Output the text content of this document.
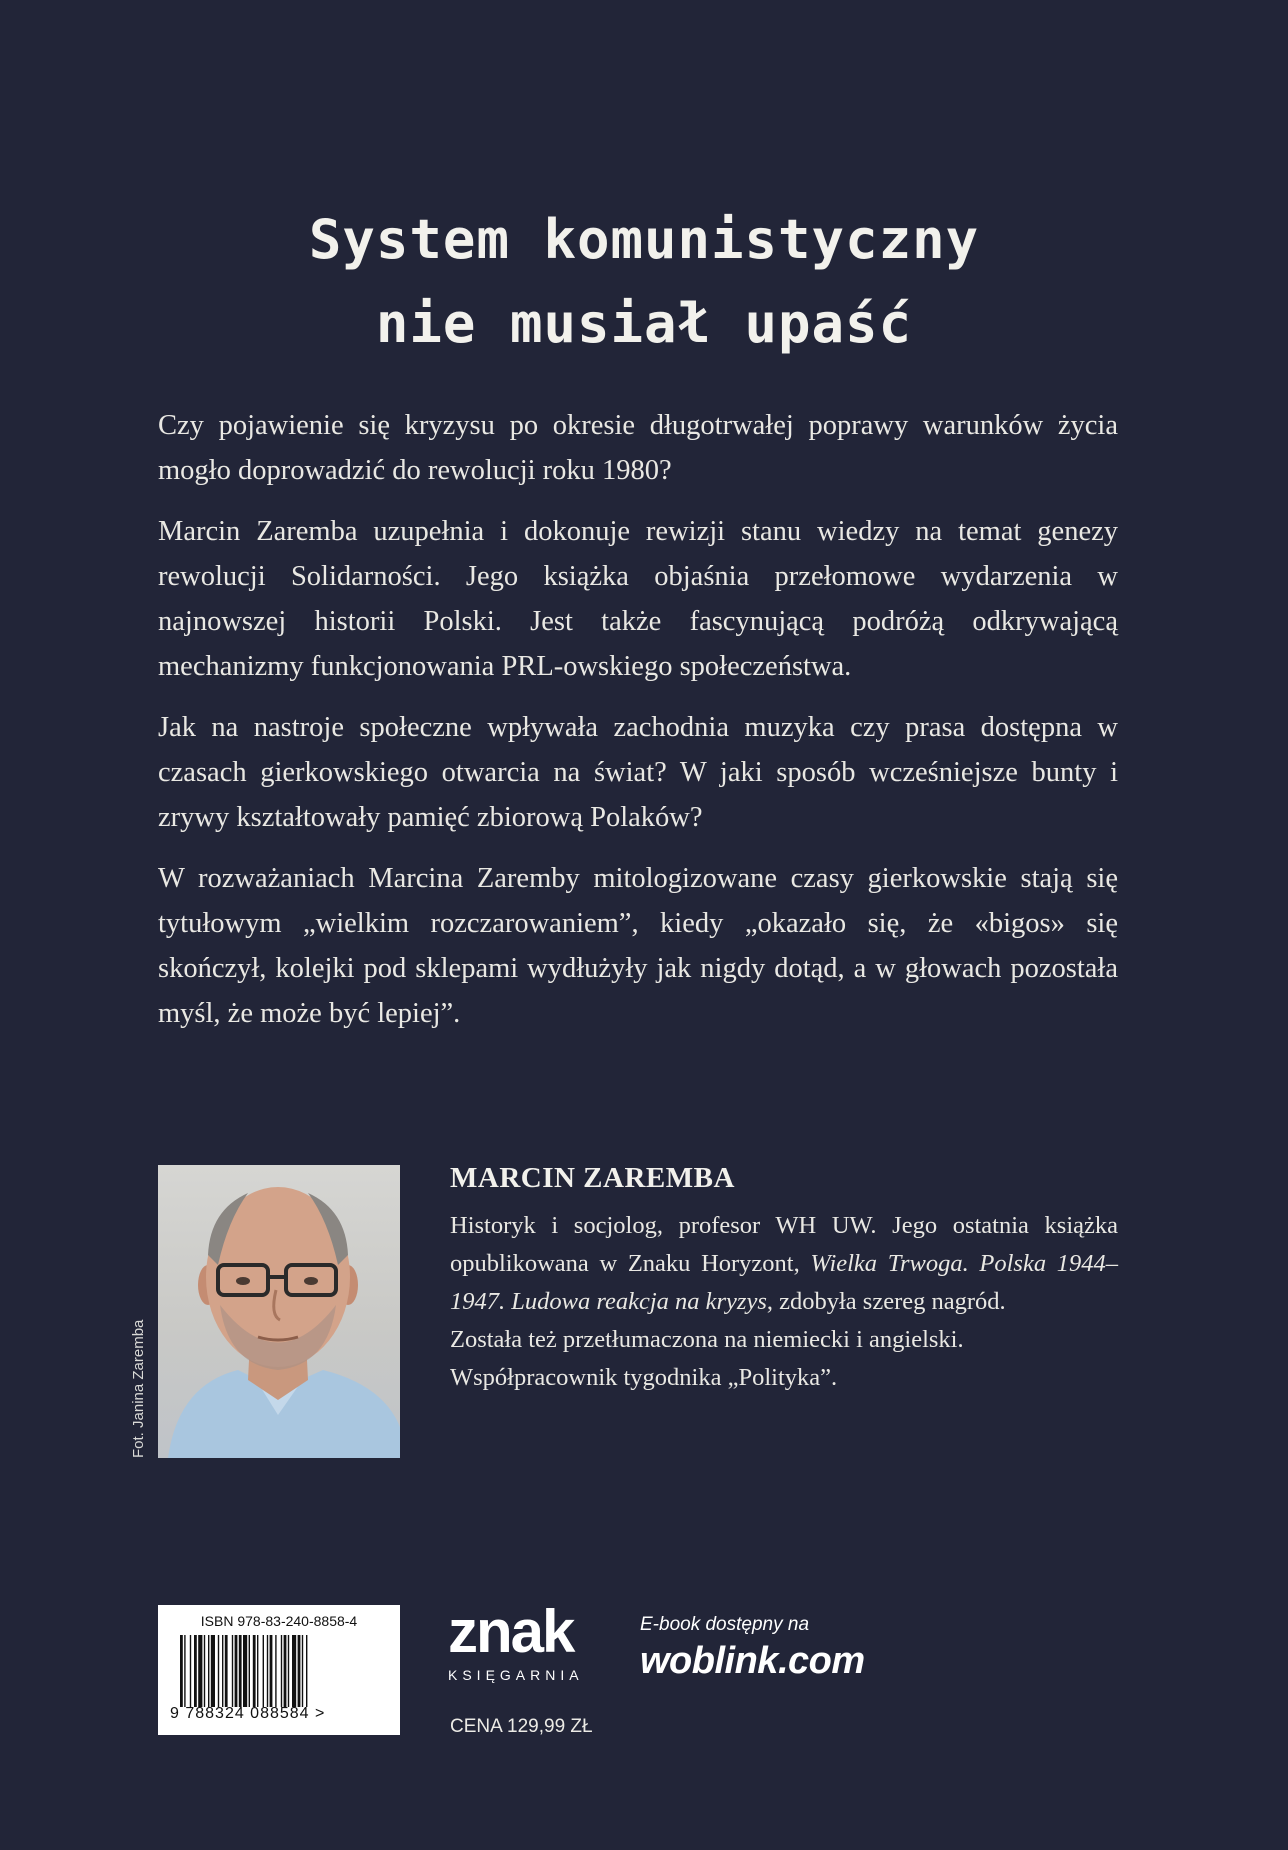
System komunistyczny
nie musiał upaść

Czy pojawienie się kryzysu po okresie długotrwałej poprawy warunków życia mogło doprowadzić do rewolucji roku 1980?

Marcin Zaremba uzupełnia i dokonuje rewizji stanu wiedzy na temat genezy rewolucji Solidarności. Jego książka objaśnia przełomowe wydarzenia w najnowszej historii Polski. Jest także fascynującą podróżą odkrywającą mechanizmy funkcjonowania PRL-owskiego społeczeństwa.

Jak na nastroje społeczne wpływała zachodnia muzyka czy prasa dostępna w czasach gierkowskiego otwarcia na świat? W jaki sposób wcześniejsze bunty i zrywy kształtowały pamięć zbiorową Polaków?

W rozważaniach Marcina Zaremby mitologizowane czasy gierkowskie stają się tytułowym „wielkim rozczarowaniem”, kiedy „okazało się, że «bigos» się skończył, kolejki pod sklepami wydłużyły jak nigdy dotąd, a w głowach pozostała myśl, że może być lepiej”.

Fot. Janina Zaremba
MARCIN ZAREMBA
Historyk i socjolog, profesor WH UW. Jego ostatnia książka opublikowana w Znaku Horyzont, Wielka Trwoga. Polska 1944–1947. Ludowa reakcja na kryzys, zdobyła szereg nagród.
Została też przetłumaczona na niemiecki i angielski.
Współpracownik tygodnika „Polityka”.
ISBN 978-83-240-8858-4
9 788324 088584 >
znak
KSIĘGARNIA
CENA 129,99 ZŁ
E-book dostępny na
woblink.com
